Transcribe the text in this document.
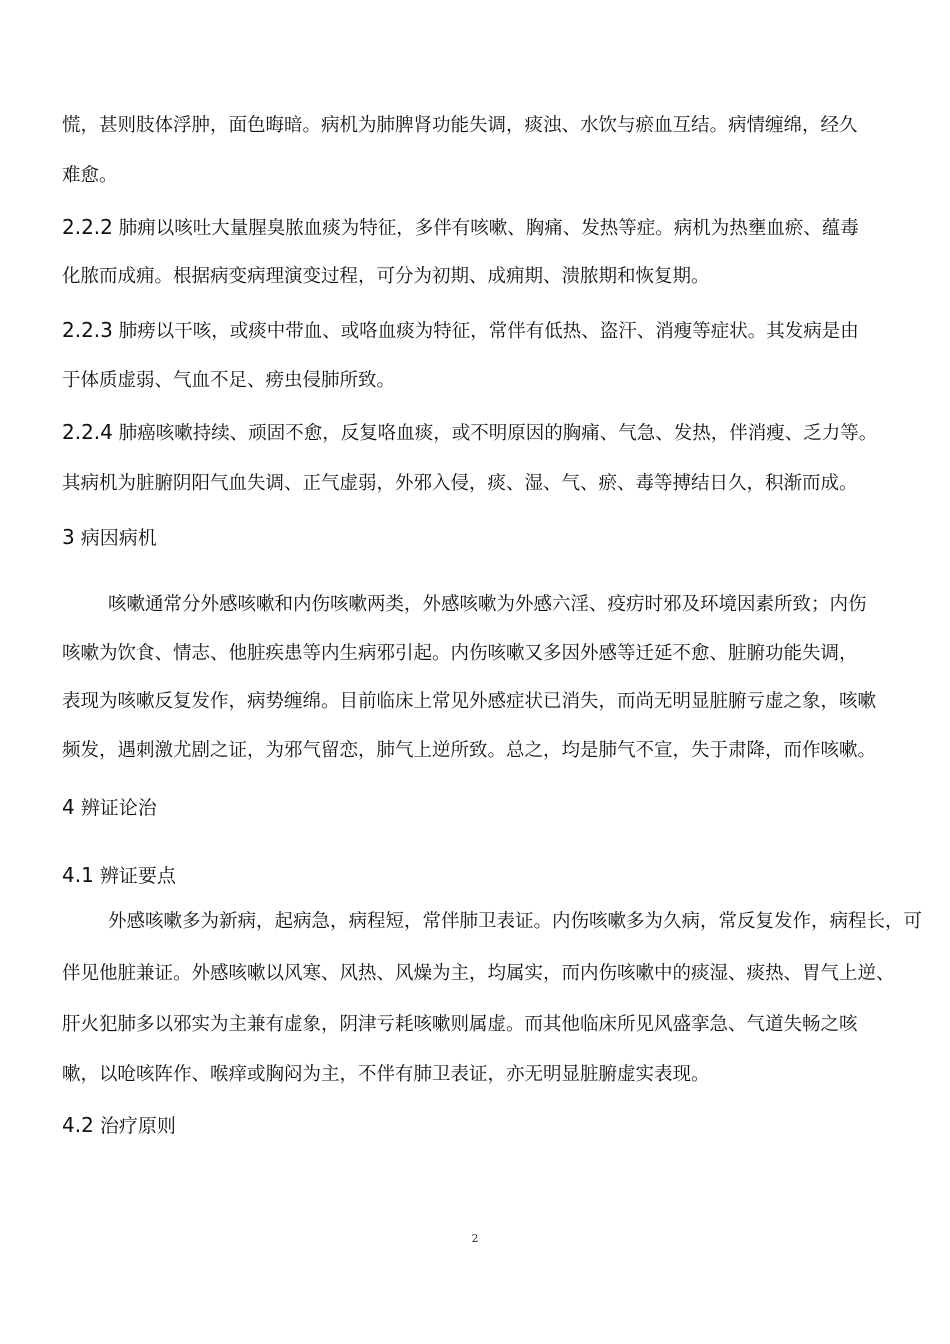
慌，甚则肢体浮肿，面色晦暗。病机为肺脾肾功能失调，痰浊、水饮与瘀血互结。病情缠绵，经久
难愈。
2.2.2 肺痈以咳吐大量腥臭脓血痰为特征，多伴有咳嗽、胸痛、发热等症。病机为热壅血瘀、蕴毒
化脓而成痈。根据病变病理演变过程，可分为初期、成痈期、溃脓期和恢复期。
2.2.3 肺痨以干咳，或痰中带血、或咯血痰为特征，常伴有低热、盗汗、消瘦等症状。其发病是由
于体质虚弱、气血不足、痨虫侵肺所致。
2.2.4 肺癌咳嗽持续、顽固不愈，反复咯血痰，或不明原因的胸痛、气急、发热，伴消瘦、乏力等。
其病机为脏腑阴阳气血失调、正气虚弱，外邪入侵，痰、湿、气、瘀、毒等搏结日久，积渐而成。
3 病因病机
咳嗽通常分外感咳嗽和内伤咳嗽两类，外感咳嗽为外感六淫、疫疠时邪及环境因素所致；内伤
咳嗽为饮食、情志、他脏疾患等内生病邪引起。内伤咳嗽又多因外感等迁延不愈、脏腑功能失调，
表现为咳嗽反复发作，病势缠绵。目前临床上常见外感症状已消失，而尚无明显脏腑亏虚之象，咳嗽
频发，遇刺激尤剧之证，为邪气留恋，肺气上逆所致。总之，均是肺气不宣，失于肃降，而作咳嗽。
4 辨证论治
4.1 辨证要点
外感咳嗽多为新病，起病急，病程短，常伴肺卫表证。内伤咳嗽多为久病，常反复发作，病程长，可
伴见他脏兼证。外感咳嗽以风寒、风热、风燥为主，均属实，而内伤咳嗽中的痰湿、痰热、胃气上逆、
肝火犯肺多以邪实为主兼有虚象，阴津亏耗咳嗽则属虚。而其他临床所见风盛挛急、气道失畅之咳
嗽，以呛咳阵作、喉痒或胸闷为主，不伴有肺卫表证，亦无明显脏腑虚实表现。
4.2 治疗原则
2
